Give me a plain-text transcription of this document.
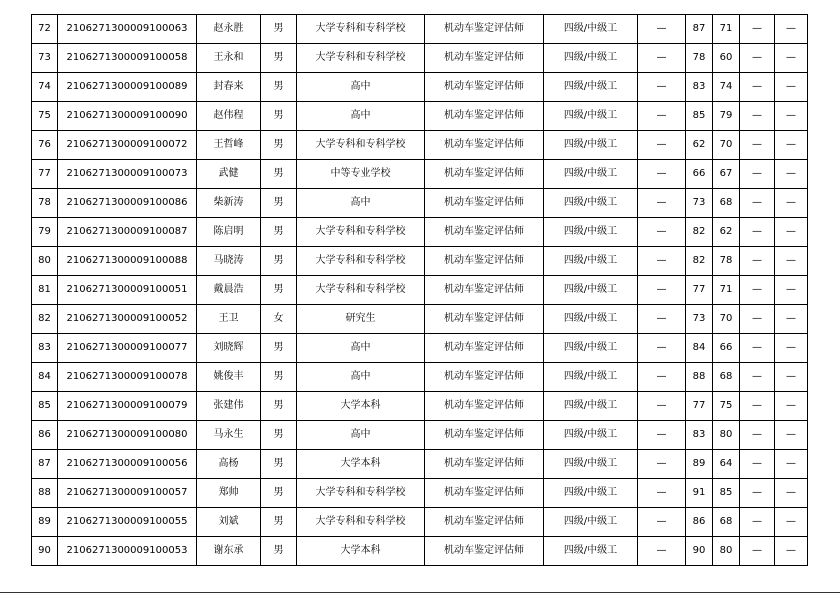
72	2106271300009100063	赵永胜	男	大学专科和专科学校	机动车鉴定评估师	四级/中级工	—	87	71	—	—
73	2106271300009100058	王永和	男	大学专科和专科学校	机动车鉴定评估师	四级/中级工	—	78	60	—	—
74	2106271300009100089	封春来	男	高中	机动车鉴定评估师	四级/中级工	—	83	74	—	—
75	2106271300009100090	赵伟程	男	高中	机动车鉴定评估师	四级/中级工	—	85	79	—	—
76	2106271300009100072	王哲峰	男	大学专科和专科学校	机动车鉴定评估师	四级/中级工	—	62	70	—	—
77	2106271300009100073	武健	男	中等专业学校	机动车鉴定评估师	四级/中级工	—	66	67	—	—
78	2106271300009100086	柴新涛	男	高中	机动车鉴定评估师	四级/中级工	—	73	68	—	—
79	2106271300009100087	陈启明	男	大学专科和专科学校	机动车鉴定评估师	四级/中级工	—	82	62	—	—
80	2106271300009100088	马晓涛	男	大学专科和专科学校	机动车鉴定评估师	四级/中级工	—	82	78	—	—
81	2106271300009100051	戴晨浩	男	大学专科和专科学校	机动车鉴定评估师	四级/中级工	—	77	71	—	—
82	2106271300009100052	王卫	女	研究生	机动车鉴定评估师	四级/中级工	—	73	70	—	—
83	2106271300009100077	刘晓辉	男	高中	机动车鉴定评估师	四级/中级工	—	84	66	—	—
84	2106271300009100078	姚俊丰	男	高中	机动车鉴定评估师	四级/中级工	—	88	68	—	—
85	2106271300009100079	张建伟	男	大学本科	机动车鉴定评估师	四级/中级工	—	77	75	—	—
86	2106271300009100080	马永生	男	高中	机动车鉴定评估师	四级/中级工	—	83	80	—	—
87	2106271300009100056	高杨	男	大学本科	机动车鉴定评估师	四级/中级工	—	89	64	—	—
88	2106271300009100057	郑帅	男	大学专科和专科学校	机动车鉴定评估师	四级/中级工	—	91	85	—	—
89	2106271300009100055	刘斌	男	大学专科和专科学校	机动车鉴定评估师	四级/中级工	—	86	68	—	—
90	2106271300009100053	谢东承	男	大学本科	机动车鉴定评估师	四级/中级工	—	90	80	—	—
